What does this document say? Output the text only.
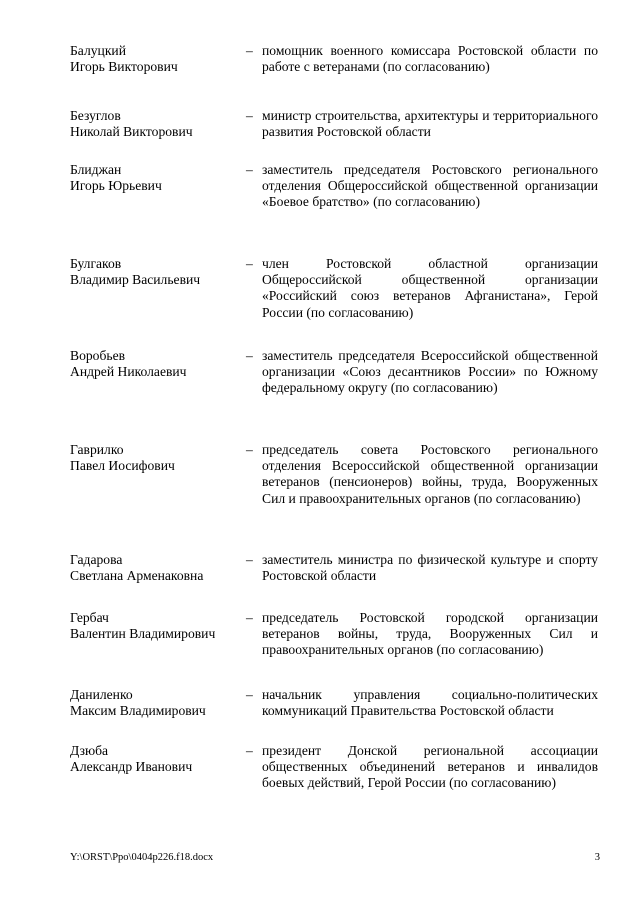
Балуцкий
Игорь Викторович
– помощник военного комиссара Ростовской области по работе с ветеранами (по согласованию)
Безуглов
Николай Викторович
– министр строительства, архитектуры и территориального развития Ростовской области
Блиджан
Игорь Юрьевич
– заместитель председателя Ростовского регионального отделения Общероссийской общественной организации «Боевое братство» (по согласованию)
Булгаков
Владимир Васильевич
– член Ростовской областной организации Общероссийской общественной организации «Российский союз ветеранов Афганистана», Герой России (по согласованию)
Воробьев
Андрей Николаевич
– заместитель председателя Всероссийской общественной организации «Союз десантников России» по Южному федеральному округу (по согласованию)
Гаврилко
Павел Иосифович
– председатель совета Ростовского регионального отделения Всероссийской общественной организации ветеранов (пенсионеров) войны, труда, Вооруженных Сил и правоохранительных органов (по согласованию)
Гадарова
Светлана Арменаковна
– заместитель министра по физической культуре и спорту Ростовской области
Гербач
Валентин Владимирович
– председатель Ростовской городской организации ветеранов войны, труда, Вооруженных Сил и правоохранительных органов (по согласованию)
Даниленко
Максим Владимирович
– начальник управления социально-политических коммуникаций Правительства Ростовской области
Дзюба
Александр Иванович
– президент Донской региональной ассоциации общественных объединений ветеранов и инвалидов боевых действий, Герой России (по согласованию)
Y:\ORST\Ppo\0404p226.f18.docx	3
